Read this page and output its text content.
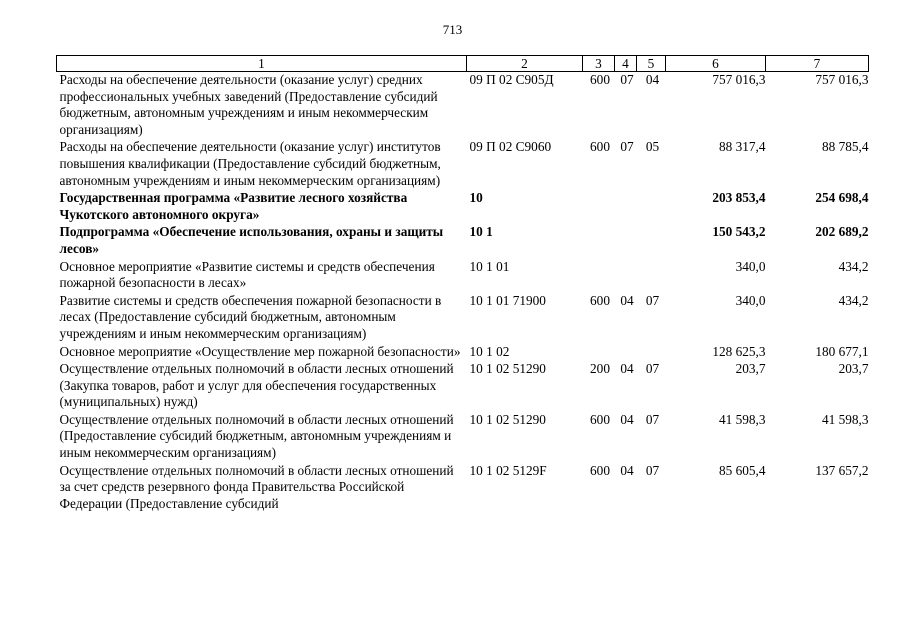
713
1	2	3	4	5	6	7
Расходы на обеспечение деятельности (оказание услуг) средних профессиональных учебных заведений (Предоставление субсидий бюджетным, автономным учреждениям и иным некоммерческим организациям)	09 П 02 С905Д	600	07	04	757 016,3	757 016,3
Расходы на обеспечение деятельности (оказание услуг) институтов повышения квалификации (Предоставление субсидий бюджетным, автономным учреждениям и иным некоммерческим организациям)	09 П 02 С9060	600	07	05	88 317,4	88 785,4
Государственная программа «Развитие лесного хозяйства Чукотского автономного округа»	10				203 853,4	254 698,4
Подпрограмма «Обеспечение использования, охраны и защиты лесов»	10 1				150 543,2	202 689,2
Основное мероприятие «Развитие системы и средств обеспечения пожарной безопасности в лесах»	10 1 01				340,0	434,2
Развитие системы и средств обеспечения пожарной безопасности в лесах (Предоставление субсидий бюджетным, автономным учреждениям и иным некоммерческим организациям)	10 1 01 71900	600	04	07	340,0	434,2
Основное мероприятие «Осуществление мер пожарной безопасности»	10 1 02				128 625,3	180 677,1
Осуществление отдельных полномочий в области лесных отношений (Закупка товаров, работ и услуг для обеспечения государственных (муниципальных) нужд)	10 1 02 51290	200	04	07	203,7	203,7
Осуществление отдельных полномочий в области лесных отношений (Предоставление субсидий бюджетным, автономным учреждениям и иным некоммерческим организациям)	10 1 02 51290	600	04	07	41 598,3	41 598,3
Осуществление отдельных полномочий в области лесных отношений за счет средств резервного фонда Правительства Российской Федерации (Предоставление субсидий	10 1 02 5129F	600	04	07	85 605,4	137 657,2
